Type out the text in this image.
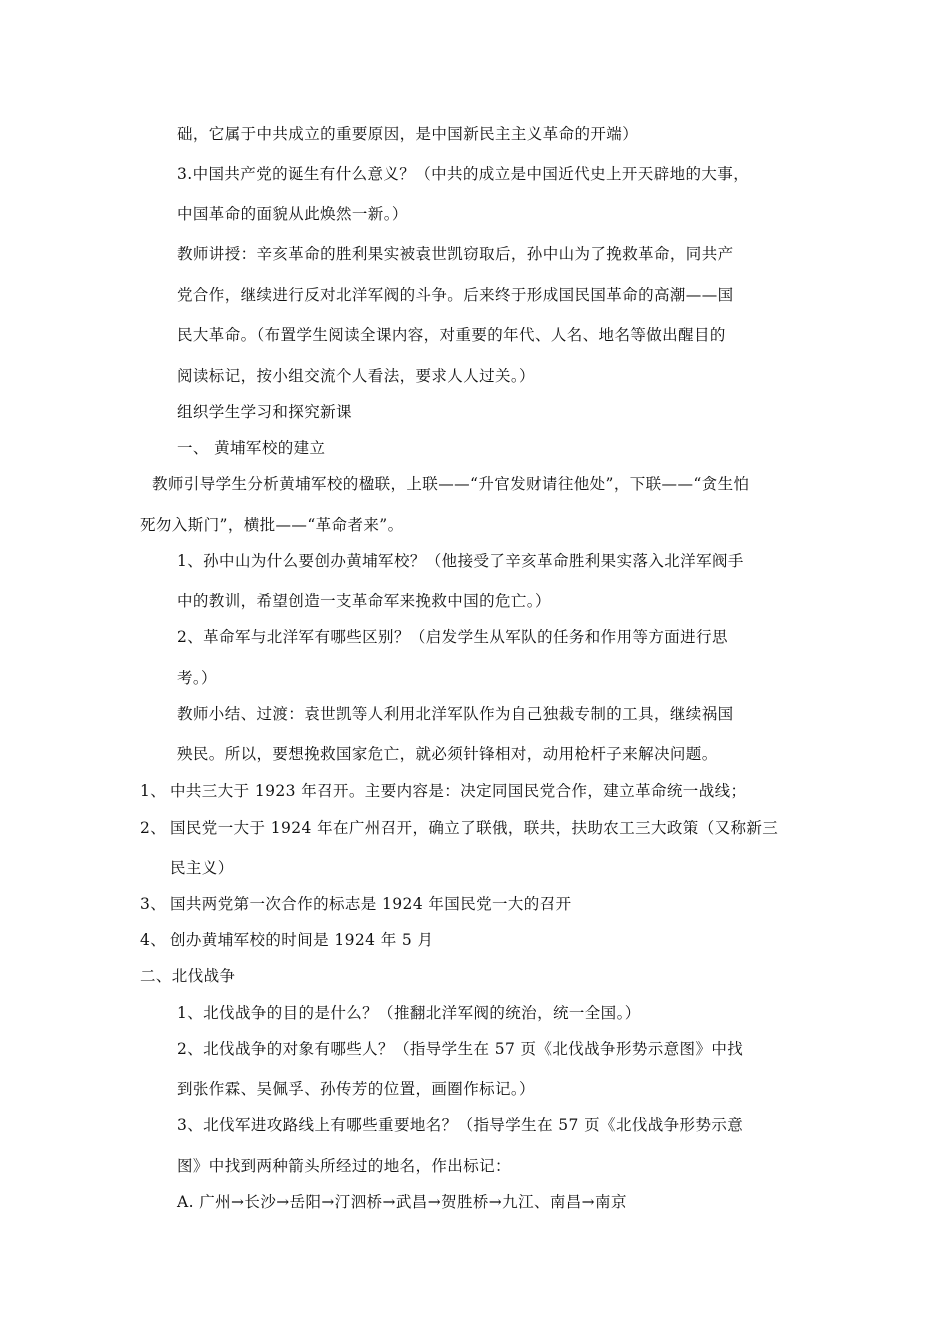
础，它属于中共成立的重要原因，是中国新民主主义革命的开端）
3.中国共产党的诞生有什么意义？（中共的成立是中国近代史上开天辟地的大事，
中国革命的面貌从此焕然一新。）
教师讲授：辛亥革命的胜利果实被袁世凯窃取后，孙中山为了挽救革命，同共产
党合作，继续进行反对北洋军阀的斗争。后来终于形成国民国革命的高潮——国
民大革命。（布置学生阅读全课内容，对重要的年代、人名、地名等做出醒目的
阅读标记，按小组交流个人看法，要求人人过关。）
组织学生学习和探究新课
一、 黄埔军校的建立
教师引导学生分析黄埔军校的楹联，上联——“升官发财请往他处”，下联——“贪生怕
死勿入斯门”，横批——“革命者来”。
1、孙中山为什么要创办黄埔军校？（他接受了辛亥革命胜利果实落入北洋军阀手
中的教训，希望创造一支革命军来挽救中国的危亡。）
2、革命军与北洋军有哪些区别？（启发学生从军队的任务和作用等方面进行思
考。）
教师小结、过渡：袁世凯等人利用北洋军队作为自己独裁专制的工具，继续祸国
殃民。所以，要想挽救国家危亡，就必须针锋相对，动用枪杆子来解决问题。
1、 中共三大于 1923 年召开。主要内容是：决定同国民党合作，建立革命统一战线；
2、 国民党一大于 1924 年在广州召开，确立了联俄，联共，扶助农工三大政策（又称新三
民主义）
3、 国共两党第一次合作的标志是 1924 年国民党一大的召开
4、 创办黄埔军校的时间是 1924 年 5 月
二、北伐战争
1、北伐战争的目的是什么？（推翻北洋军阀的统治，统一全国。）
2、北伐战争的对象有哪些人？（指导学生在 57 页《北伐战争形势示意图》中找
到张作霖、吴佩孚、孙传芳的位置，画圈作标记。）
3、北伐军进攻路线上有哪些重要地名？（指导学生在 57 页《北伐战争形势示意
图》中找到两种箭头所经过的地名，作出标记：
A. 广州→长沙→岳阳→汀泗桥→武昌→贺胜桥→九江、南昌→南京
